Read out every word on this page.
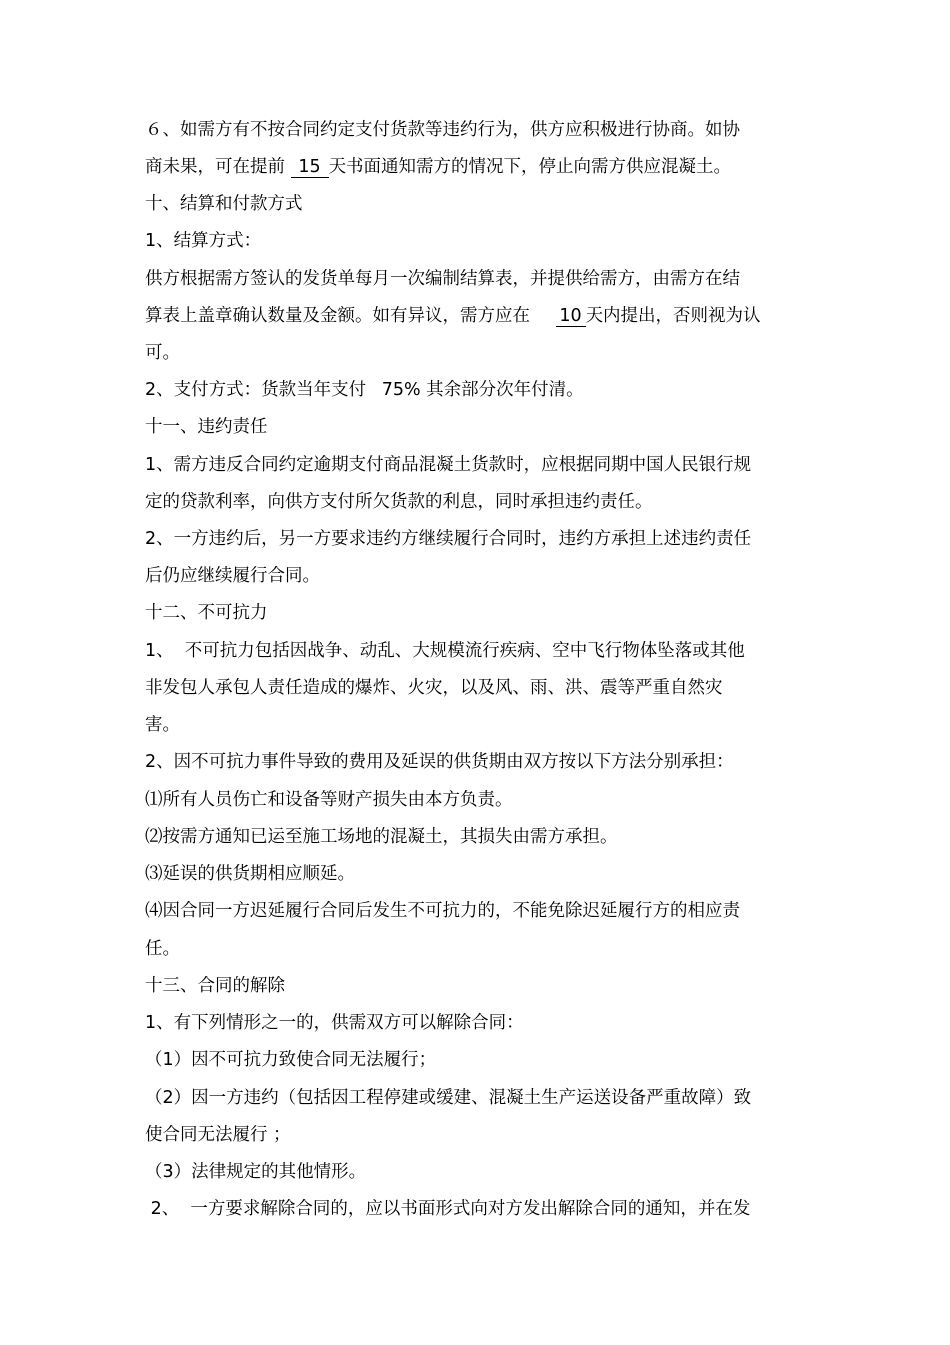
６、如需方有不按合同约定支付货款等违约行为，供方应积极进行协商。如协
商未果，可在提前 15 天书面通知需方的情况下，停止向需方供应混凝土。
十、结算和付款方式
1、结算方式：
供方根据需方签认的发货单每月一次编制结算表，并提供给需方，由需方在结
算表上盖章确认数量及金额。如有异议，需方应在 10 天内提出，否则视为认
可。
2、支付方式：货款当年支付 75% 其余部分次年付清。
十一、违约责任
1、需方违反合同约定逾期支付商品混凝土货款时，应根据同期中国人民银行规
定的贷款利率，向供方支付所欠货款的利息，同时承担违约责任。
2、一方违约后，另一方要求违约方继续履行合同时，违约方承担上述违约责任
后仍应继续履行合同。
十二、不可抗力
1、  不可抗力包括因战争、动乱、大规模流行疾病、空中飞行物体坠落或其他
非发包人承包人责任造成的爆炸、火灾，以及风、雨、洪、震等严重自然灾
害。
2、因不可抗力事件导致的费用及延误的供货期由双方按以下方法分别承担：
⑴所有人员伤亡和设备等财产损失由本方负责。
⑵按需方通知已运至施工场地的混凝土，其损失由需方承担。
⑶延误的供货期相应顺延。
⑷因合同一方迟延履行合同后发生不可抗力的，不能免除迟延履行方的相应责
任。
十三、合同的解除
1、有下列情形之一的，供需双方可以解除合同：
（1）因不可抗力致使合同无法履行；
（2）因一方违约（包括因工程停建或缓建、混凝土生产运送设备严重故障）致
使合同无法履行 ；
（3）法律规定的其他情形。
2、  一方要求解除合同的，应以书面形式向对方发出解除合同的通知，并在发
